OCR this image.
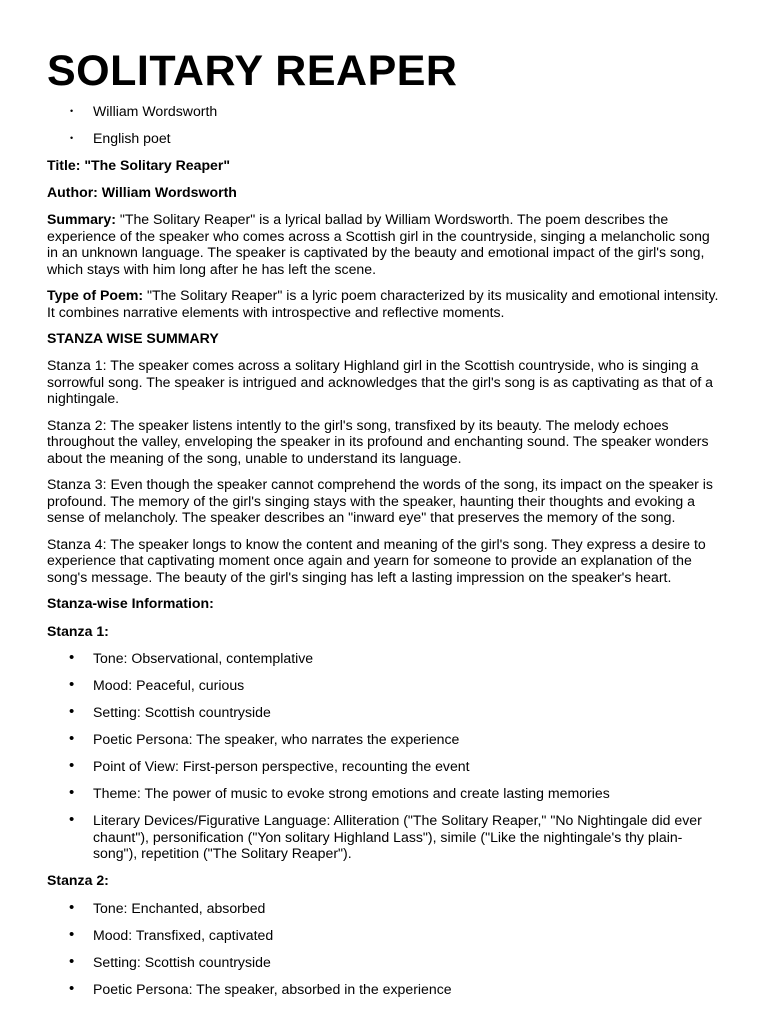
SOLITARY REAPER
• William Wordsworth
• English poet

Title: "The Solitary Reaper"

Author: William Wordsworth

Summary: "The Solitary Reaper" is a lyrical ballad by William Wordsworth. The poem describes the experience of the speaker who comes across a Scottish girl in the countryside, singing a melancholic song in an unknown language. The speaker is captivated by the beauty and emotional impact of the girl's song, which stays with him long after he has left the scene.

Type of Poem: "The Solitary Reaper" is a lyric poem characterized by its musicality and emotional intensity. It combines narrative elements with introspective and reflective moments.

STANZA WISE SUMMARY

Stanza 1: The speaker comes across a solitary Highland girl in the Scottish countryside, who is singing a sorrowful song. The speaker is intrigued and acknowledges that the girl's song is as captivating as that of a nightingale.

Stanza 2: The speaker listens intently to the girl's song, transfixed by its beauty. The melody echoes throughout the valley, enveloping the speaker in its profound and enchanting sound. The speaker wonders about the meaning of the song, unable to understand its language.

Stanza 3: Even though the speaker cannot comprehend the words of the song, its impact on the speaker is profound. The memory of the girl's singing stays with the speaker, haunting their thoughts and evoking a sense of melancholy. The speaker describes an "inward eye" that preserves the memory of the song.

Stanza 4: The speaker longs to know the content and meaning of the girl's song. They express a desire to experience that captivating moment once again and yearn for someone to provide an explanation of the song's message. The beauty of the girl's singing has left a lasting impression on the speaker's heart.

Stanza-wise Information:

Stanza 1:

• Tone: Observational, contemplative
• Mood: Peaceful, curious
• Setting: Scottish countryside
• Poetic Persona: The speaker, who narrates the experience
• Point of View: First-person perspective, recounting the event
• Theme: The power of music to evoke strong emotions and create lasting memories
• Literary Devices/Figurative Language: Alliteration ("The Solitary Reaper," "No Nightingale did ever chaunt"), personification ("Yon solitary Highland Lass"), simile ("Like the nightingale's thy plain-song"), repetition ("The Solitary Reaper").

Stanza 2:

• Tone: Enchanted, absorbed
• Mood: Transfixed, captivated
• Setting: Scottish countryside
• Poetic Persona: The speaker, absorbed in the experience
